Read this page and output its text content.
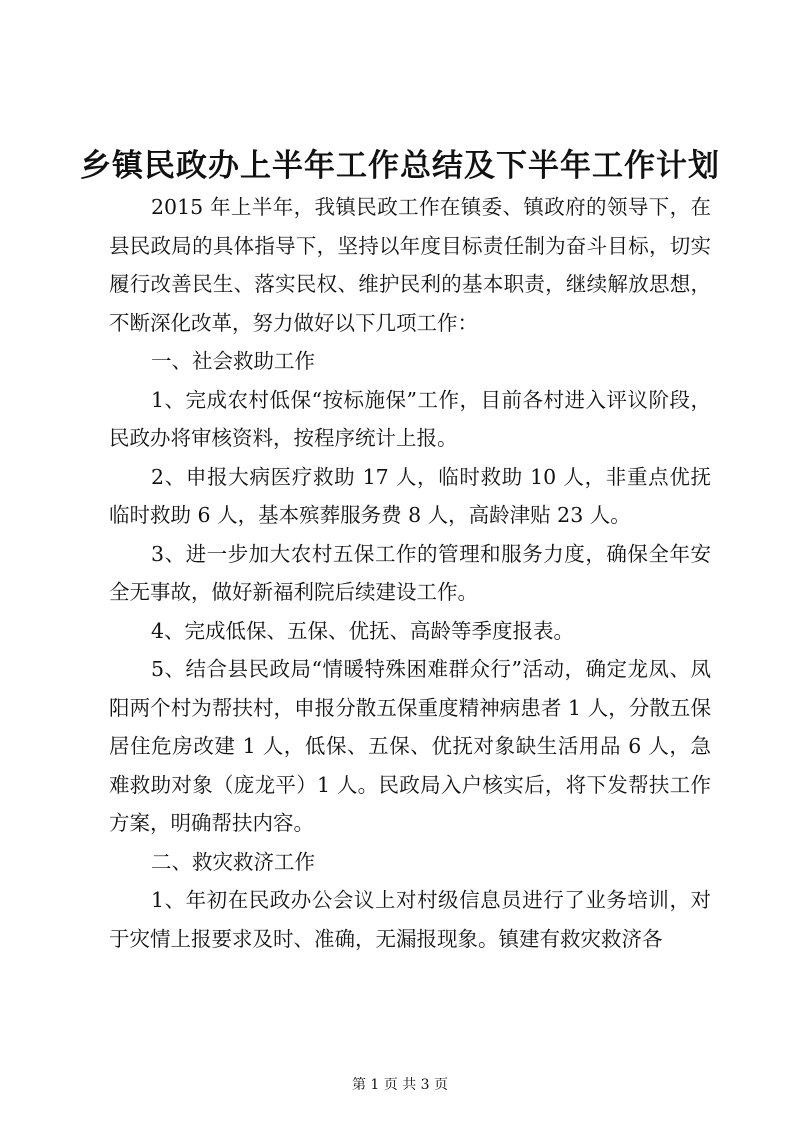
乡镇民政办上半年工作总结及下半年工作计划

2015 年上半年，我镇民政工作在镇委、镇政府的领导下，在县民政局的具体指导下，坚持以年度目标责任制为奋斗目标，切实履行改善民生、落实民权、维护民利的基本职责，继续解放思想，不断深化改革，努力做好以下几项工作：

一、社会救助工作

1、完成农村低保“按标施保”工作，目前各村进入评议阶段，民政办将审核资料，按程序统计上报。

2、申报大病医疗救助 17 人，临时救助 10 人，非重点优抚临时救助 6 人，基本殡葬服务费 8 人，高龄津贴 23 人。

3、进一步加大农村五保工作的管理和服务力度，确保全年安全无事故，做好新福利院后续建设工作。

4、完成低保、五保、优抚、高龄等季度报表。

5、结合县民政局“情暖特殊困难群众行”活动，确定龙凤、凤阳两个村为帮扶村，申报分散五保重度精神病患者 1 人，分散五保居住危房改建 1 人，低保、五保、优抚对象缺生活用品 6 人，急难救助对象（庞龙平）1 人。民政局入户核实后，将下发帮扶工作方案，明确帮扶内容。

二、救灾救济工作

1、年初在民政办公会议上对村级信息员进行了业务培训，对于灾情上报要求及时、准确，无漏报现象。镇建有救灾救济各

第 1 页 共 3 页
